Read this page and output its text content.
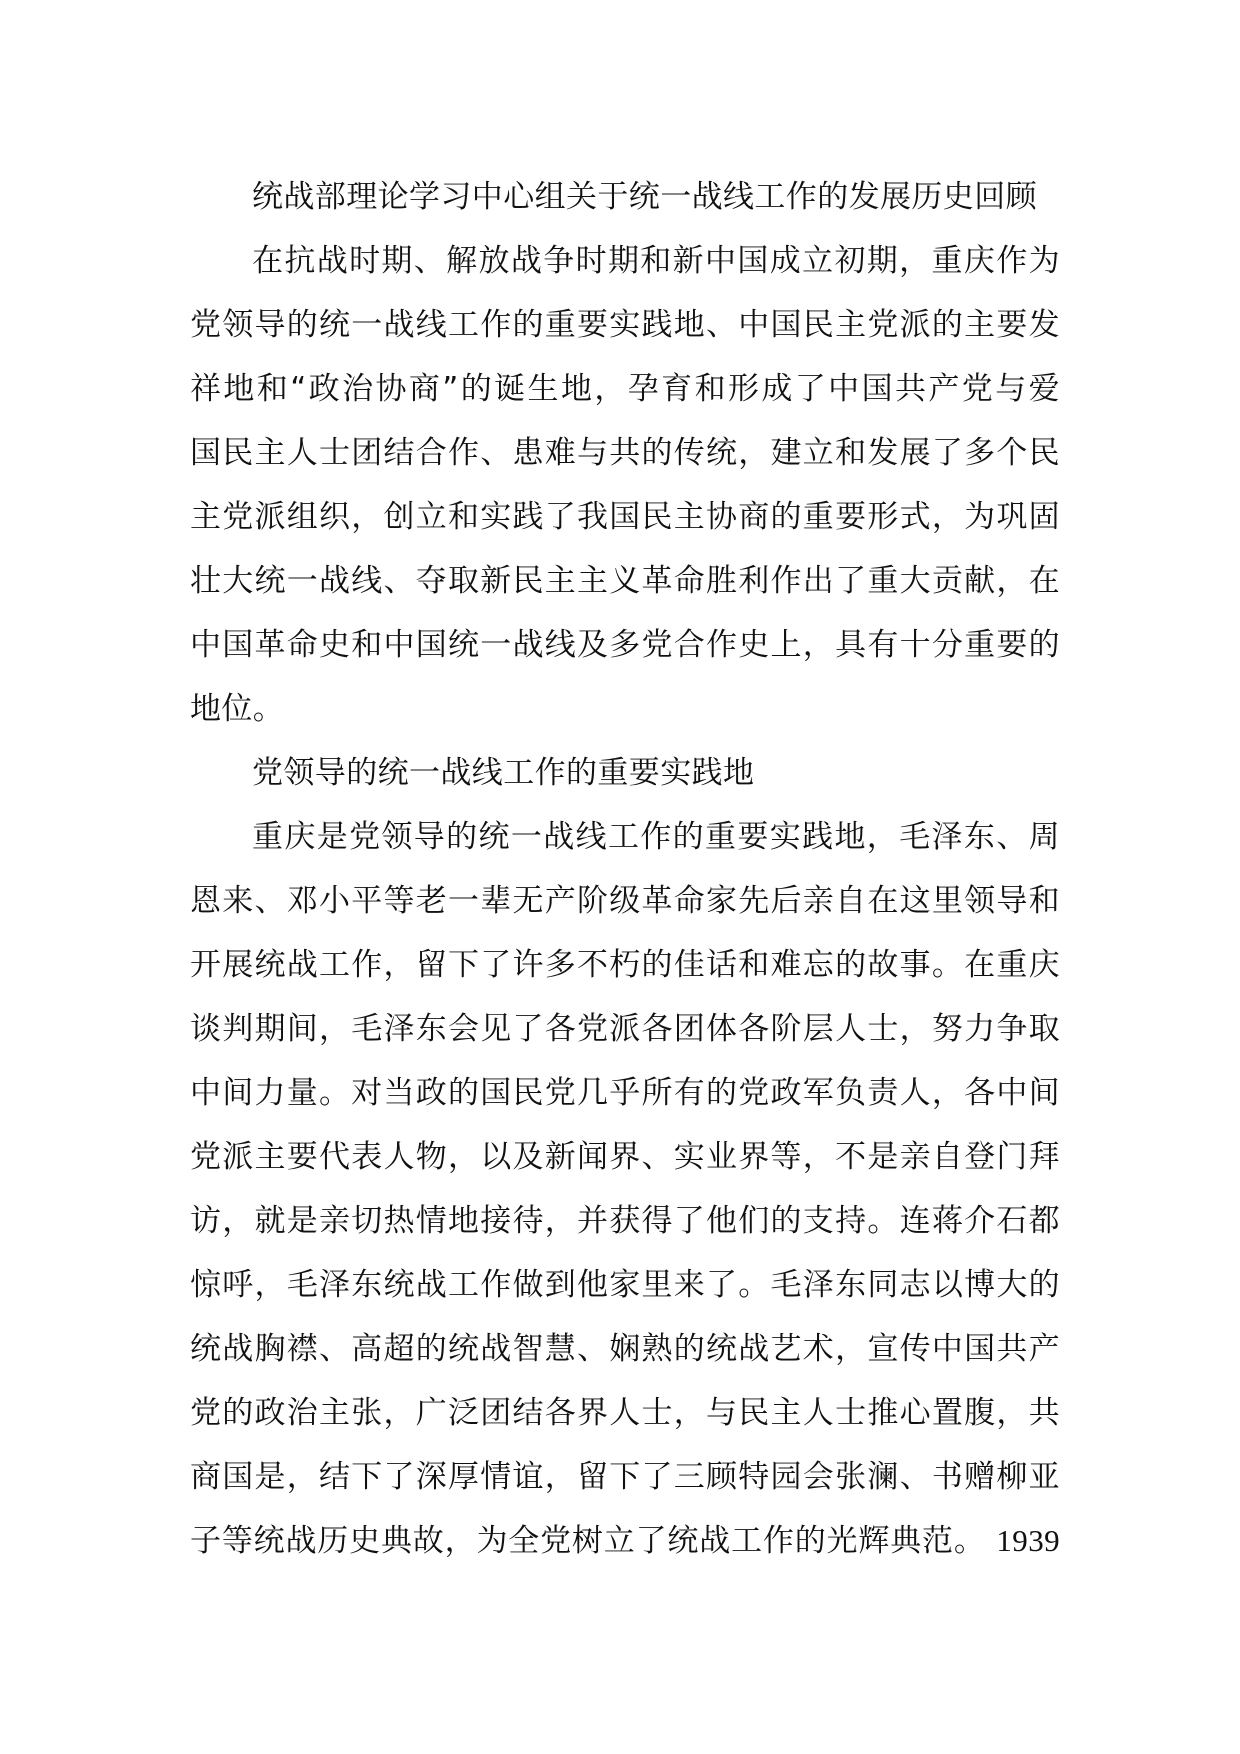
统战部理论学习中心组关于统一战线工作的发展历史回顾
在抗战时期、解放战争时期和新中国成立初期，重庆作为
党领导的统一战线工作的重要实践地、中国民主党派的主要发
祥地和“政治协商”的诞生地，孕育和形成了中国共产党与爱
国民主人士团结合作、患难与共的传统，建立和发展了多个民
主党派组织，创立和实践了我国民主协商的重要形式，为巩固
壮大统一战线、夺取新民主主义革命胜利作出了重大贡献，在
中国革命史和中国统一战线及多党合作史上，具有十分重要的
地位。
党领导的统一战线工作的重要实践地
重庆是党领导的统一战线工作的重要实践地，毛泽东、周
恩来、邓小平等老一辈无产阶级革命家先后亲自在这里领导和
开展统战工作，留下了许多不朽的佳话和难忘的故事。在重庆
谈判期间，毛泽东会见了各党派各团体各阶层人士，努力争取
中间力量。对当政的国民党几乎所有的党政军负责人，各中间
党派主要代表人物，以及新闻界、实业界等，不是亲自登门拜
访，就是亲切热情地接待，并获得了他们的支持。连蒋介石都
惊呼，毛泽东统战工作做到他家里来了。毛泽东同志以博大的
统战胸襟、高超的统战智慧、娴熟的统战艺术，宣传中国共产
党的政治主张，广泛团结各界人士，与民主人士推心置腹，共
商国是，结下了深厚情谊，留下了三顾特园会张澜、书赠柳亚
子等统战历史典故，为全党树立了统战工作的光辉典范。 1939
